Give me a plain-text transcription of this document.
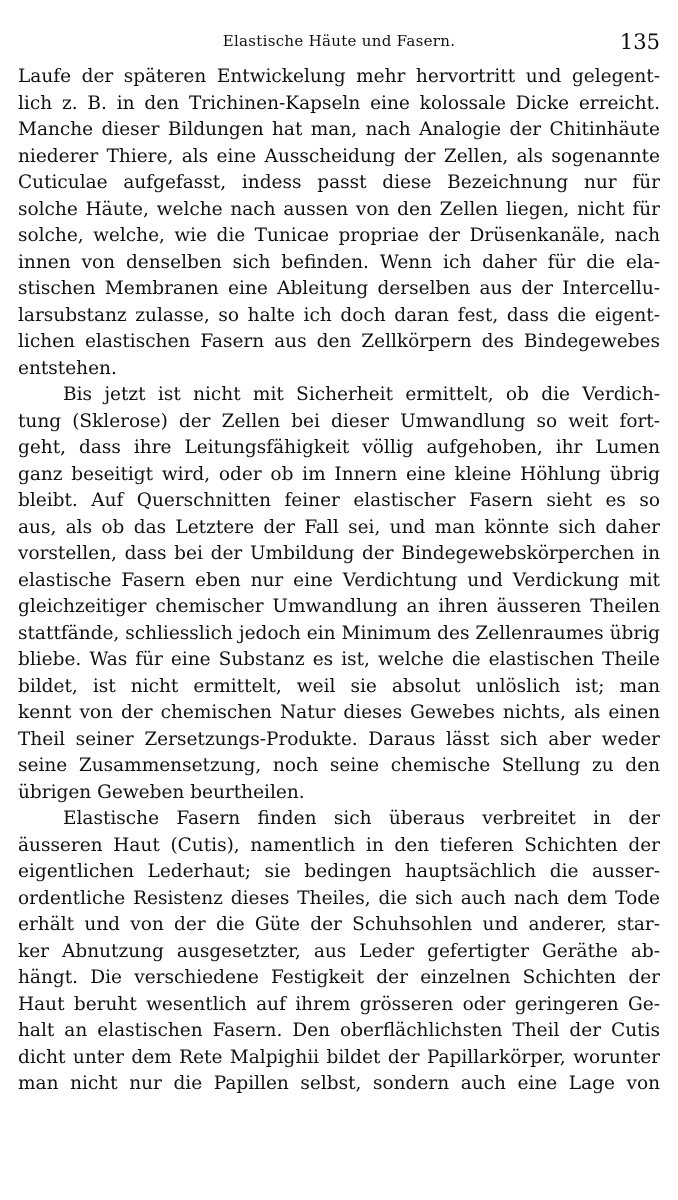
Elastische Häute und Fasern.	135
Laufe der späteren Entwickelung mehr hervortritt und gelegent-
lich z. B. in den Trichinen-Kapseln eine kolossale Dicke erreicht.
Manche dieser Bildungen hat man, nach Analogie der Chitinhäute
niederer Thiere, als eine Ausscheidung der Zellen, als sogenannte
Cuticulae aufgefasst, indess passt diese Bezeichnung nur für
solche Häute, welche nach aussen von den Zellen liegen, nicht für
solche, welche, wie die Tunicae propriae der Drüsenkanäle, nach
innen von denselben sich befinden. Wenn ich daher für die ela-
stischen Membranen eine Ableitung derselben aus der Intercellu-
larsubstanz zulasse, so halte ich doch daran fest, dass die eigent-
lichen elastischen Fasern aus den Zellkörpern des Bindegewebes
entstehen.
Bis jetzt ist nicht mit Sicherheit ermittelt, ob die Verdich-
tung (Sklerose) der Zellen bei dieser Umwandlung so weit fort-
geht, dass ihre Leitungsfähigkeit völlig aufgehoben, ihr Lumen
ganz beseitigt wird, oder ob im Innern eine kleine Höhlung übrig
bleibt. Auf Querschnitten feiner elastischer Fasern sieht es so
aus, als ob das Letztere der Fall sei, und man könnte sich daher
vorstellen, dass bei der Umbildung der Bindegewebskörperchen in
elastische Fasern eben nur eine Verdichtung und Verdickung mit
gleichzeitiger chemischer Umwandlung an ihren äusseren Theilen
stattfände, schliesslich jedoch ein Minimum des Zellenraumes übrig
bliebe. Was für eine Substanz es ist, welche die elastischen Theile
bildet, ist nicht ermittelt, weil sie absolut unlöslich ist; man
kennt von der chemischen Natur dieses Gewebes nichts, als einen
Theil seiner Zersetzungs-Produkte. Daraus lässt sich aber weder
seine Zusammensetzung, noch seine chemische Stellung zu den
übrigen Geweben beurtheilen.
Elastische Fasern finden sich überaus verbreitet in der
äusseren Haut (Cutis), namentlich in den tieferen Schichten der
eigentlichen Lederhaut; sie bedingen hauptsächlich die ausser-
ordentliche Resistenz dieses Theiles, die sich auch nach dem Tode
erhält und von der die Güte der Schuhsohlen und anderer, star-
ker Abnutzung ausgesetzter, aus Leder gefertigter Geräthe ab-
hängt. Die verschiedene Festigkeit der einzelnen Schichten der
Haut beruht wesentlich auf ihrem grösseren oder geringeren Ge-
halt an elastischen Fasern. Den oberflächlichsten Theil der Cutis
dicht unter dem Rete Malpighii bildet der Papillarkörper, worunter
man nicht nur die Papillen selbst, sondern auch eine Lage von
